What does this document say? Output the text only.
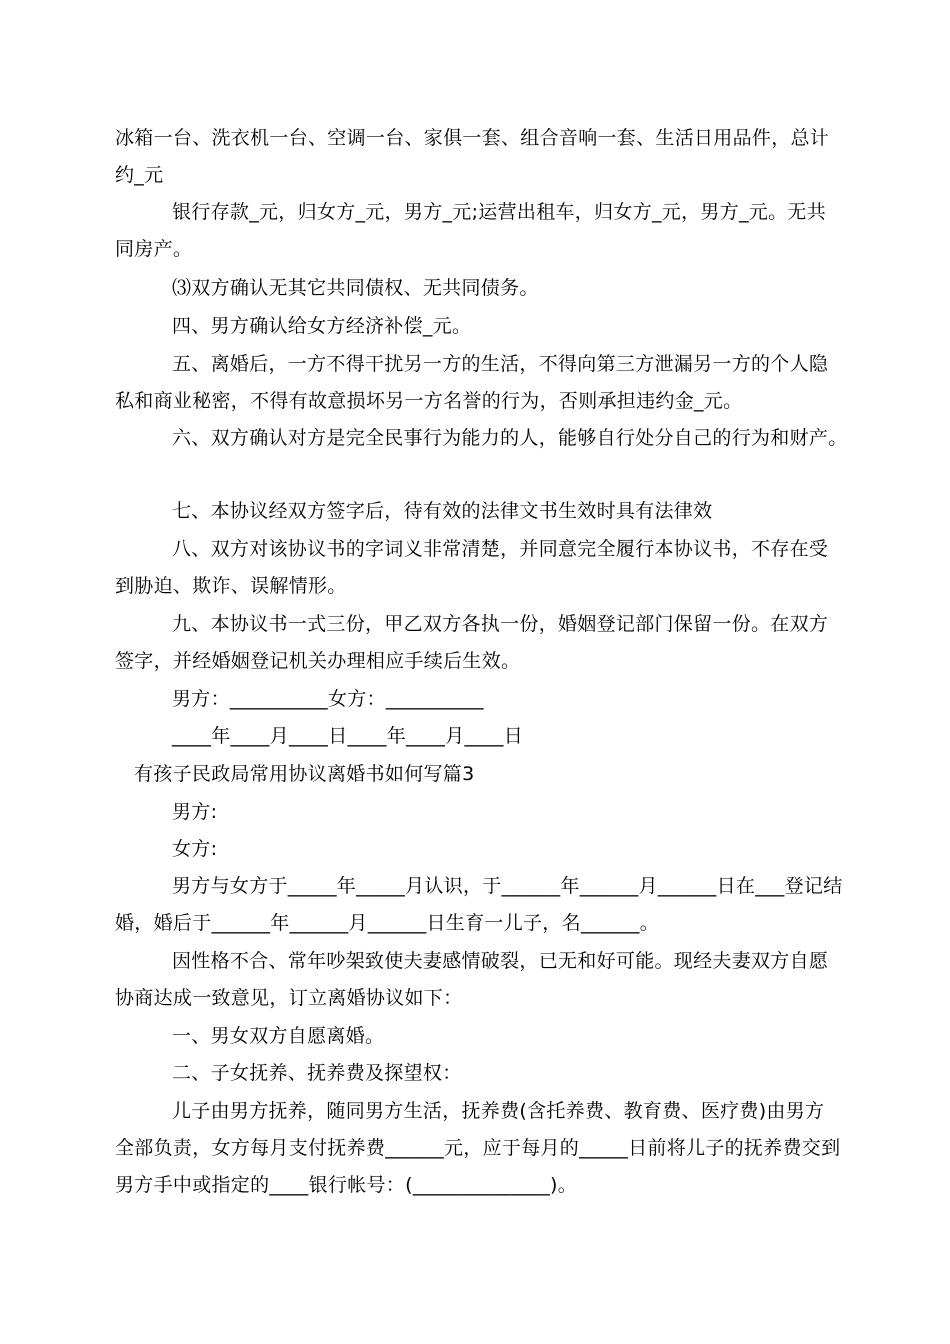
冰箱一台、洗衣机一台、空调一台、家俱一套、组合音响一套、生活日用品件，总计
约_元
银行存款_元，归女方_元，男方_元;运营出租车，归女方_元，男方_元。无共
同房产。
⑶双方确认无其它共同债权、无共同债务。
四、男方确认给女方经济补偿_元。
五、离婚后，一方不得干扰另一方的生活，不得向第三方泄漏另一方的个人隐
私和商业秘密，不得有故意损坏另一方名誉的行为，否则承担违约金_元。
六、双方确认对方是完全民事行为能力的人，能够自行处分自己的行为和财产。
七、本协议经双方签字后，待有效的法律文书生效时具有法律效
八、双方对该协议书的字词义非常清楚，并同意完全履行本协议书，不存在受
到胁迫、欺诈、误解情形。
九、本协议书一式三份，甲乙双方各执一份，婚姻登记部门保留一份。在双方
签字，并经婚姻登记机关办理相应手续后生效。
男方：__________女方：__________
____年____月____日____年____月____日
有孩子民政局常用协议离婚书如何写篇3
男方:
女方:
男方与女方于_____年_____月认识，于______年______月______日在___登记结
婚，婚后于______年______月______日生育一儿子，名______。
因性格不合、常年吵架致使夫妻感情破裂，已无和好可能。现经夫妻双方自愿
协商达成一致意见，订立离婚协议如下：
一、男女双方自愿离婚。
二、子女抚养、抚养费及探望权：
儿子由男方抚养，随同男方生活，抚养费(含托养费、教育费、医疗费)由男方
全部负责，女方每月支付抚养费______元，应于每月的_____日前将儿子的抚养费交到
男方手中或指定的____银行帐号：(______________)。
